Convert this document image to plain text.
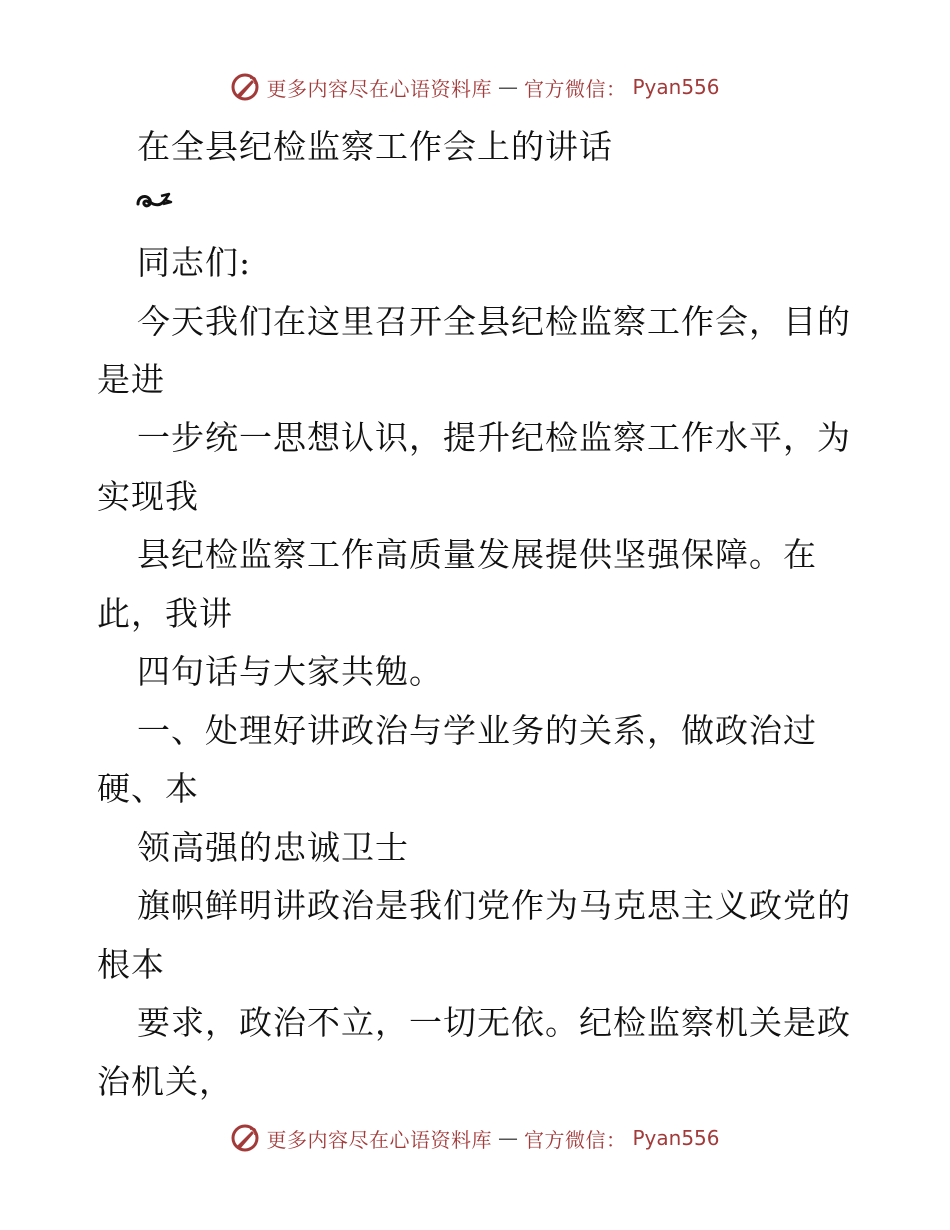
更多内容尽在心语资料库 — 官方微信： Pyan556
在全县纪检监察工作会上的讲话
同志们:
今天我们在这里召开全县纪检监察工作会，目的
是进
一步统一思想认识，提升纪检监察工作水平，为
实现我
县纪检监察工作高质量发展提供坚强保障。在
此，我讲
四句话与大家共勉。
一、处理好讲政治与学业务的关系，做政治过
硬、本
领高强的忠诚卫士
旗帜鲜明讲政治是我们党作为马克思主义政党的
根本
要求，政治不立，一切无依。纪检监察机关是政
治机关，
更多内容尽在心语资料库 — 官方微信： Pyan556
